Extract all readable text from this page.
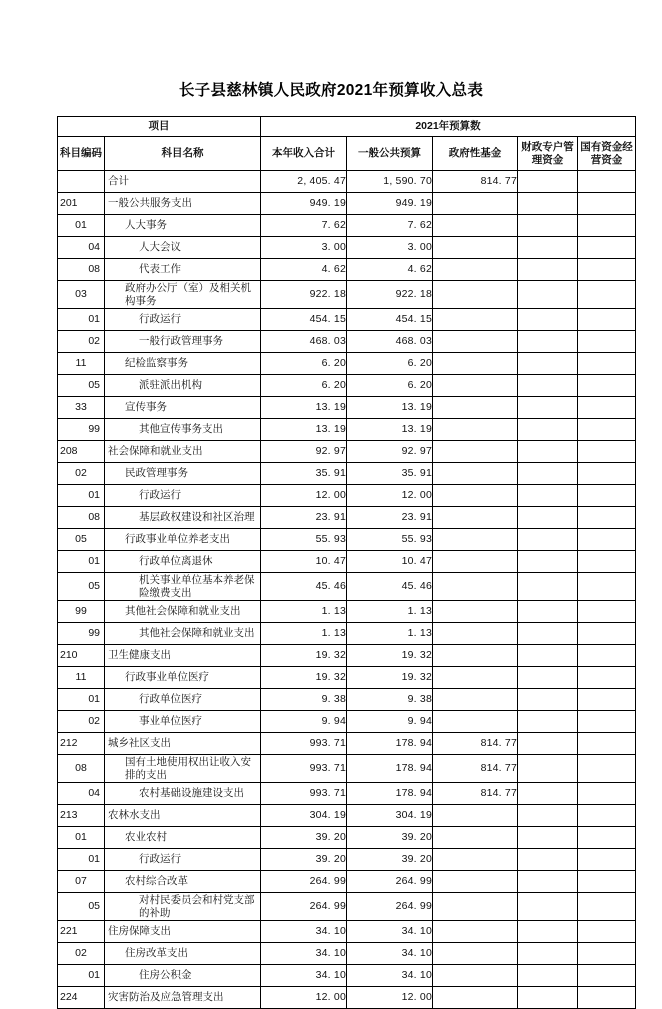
长子县慈林镇人民政府2021年预算收入总表
项目		2021年预算数				
科目编码	科目名称	本年收入合计	一般公共预算	政府性基金	财政专户管理资金	国有资金经营资金
	合计	2, 405. 47	1, 590. 70	814. 77		
201	一般公共服务支出	949. 19	949. 19			
01	人大事务	7. 62	7. 62			
04	人大会议	3. 00	3. 00			
08	代表工作	4. 62	4. 62			
03	政府办公厅（室）及相关机构事务	922. 18	922. 18			
01	行政运行	454. 15	454. 15			
02	一般行政管理事务	468. 03	468. 03			
11	纪检监察事务	6. 20	6. 20			
05	派驻派出机构	6. 20	6. 20			
33	宣传事务	13. 19	13. 19			
99	其他宣传事务支出	13. 19	13. 19			
208	社会保障和就业支出	92. 97	92. 97			
02	民政管理事务	35. 91	35. 91			
01	行政运行	12. 00	12. 00			
08	基层政权建设和社区治理	23. 91	23. 91			
05	行政事业单位养老支出	55. 93	55. 93			
01	行政单位离退休	10. 47	10. 47			
05	机关事业单位基本养老保险缴费支出	45. 46	45. 46			
99	其他社会保障和就业支出	1. 13	1. 13			
99	其他社会保障和就业支出	1. 13	1. 13			
210	卫生健康支出	19. 32	19. 32			
11	行政事业单位医疗	19. 32	19. 32			
01	行政单位医疗	9. 38	9. 38			
02	事业单位医疗	9. 94	9. 94			
212	城乡社区支出	993. 71	178. 94	814. 77		
08	国有土地使用权出让收入安排的支出	993. 71	178. 94	814. 77		
04	农村基础设施建设支出	993. 71	178. 94	814. 77		
213	农林水支出	304. 19	304. 19			
01	农业农村	39. 20	39. 20			
01	行政运行	39. 20	39. 20			
07	农村综合改革	264. 99	264. 99			
05	对村民委员会和村党支部的补助	264. 99	264. 99			
221	住房保障支出	34. 10	34. 10			
02	住房改革支出	34. 10	34. 10			
01	住房公积金	34. 10	34. 10			
224	灾害防治及应急管理支出	12. 00	12. 00			
